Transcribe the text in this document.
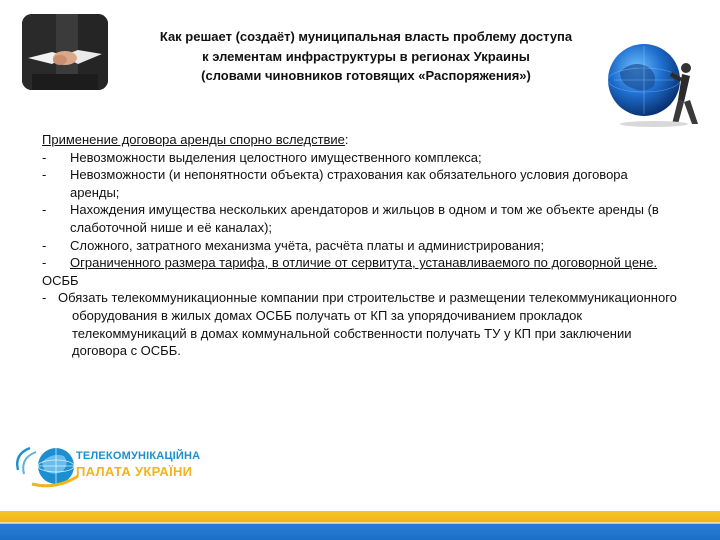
Как решает (создаёт) муниципальная власть проблему доступа
к элементам инфраструктуры в регионах Украины
(словами чиновников готовящих «Распоряжения»)
Применение договора аренды спорно вследствие:
- Невозможности выделения целостного имущественного комплекса;
- Невозможности (и непонятности объекта) страхования как обязательного условия договора аренды;
- Нахождения имущества нескольких арендаторов и жильцов в одном и том же объекте аренды (в слаботочной нише и её каналах);
- Сложного, затратного механизма учёта, расчёта платы и администрирования;
- Ограниченного размера тарифа, в отличие от сервитута, устанавливаемого по договорной цене.
ОСББ
- Обязать телекоммуникационные компании при строительстве и размещении телекоммуникационного оборудования в жилых домах ОСББ получать от КП за упорядочиванием прокладок телекоммуникаций в домах коммунальной собственности получать ТУ у КП при заключении договора с ОСББ.
ТЕЛЕКОМУНІКАЦІЙНА
ПАЛАТА УКРАЇНИ
